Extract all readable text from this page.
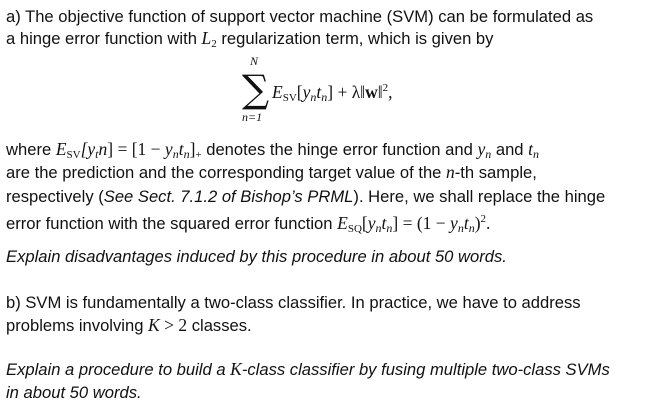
a) The objective function of support vector machine (SVM) can be formulated as
a hinge error function with L2 regularization term, which is given by
N
∑
n=1
$ESV[y_nt_n]$ + λ‖w‖$^2$,
where $ESV[y_tn] = [1 - y_nt_n]+$ denotes the hinge error function and $y_n$ and $t_n$
are the prediction and the corresponding target value of the n-th sample,
respectively (See Sect. 7.1.2 of Bishop’s PRML). Here, we shall replace the hinge
error function with the squared error function $ESQ[y_nt_n] = (1 - y_nt_n)^2$.
Explain disadvantages induced by this procedure in about 50 words.
b) SVM is fundamentally a two-class classifier. In practice, we have to address
problems involving K > 2 classes.
Explain a procedure to build a K-class classifier by fusing multiple two-class SVMs
in about 50 words.
